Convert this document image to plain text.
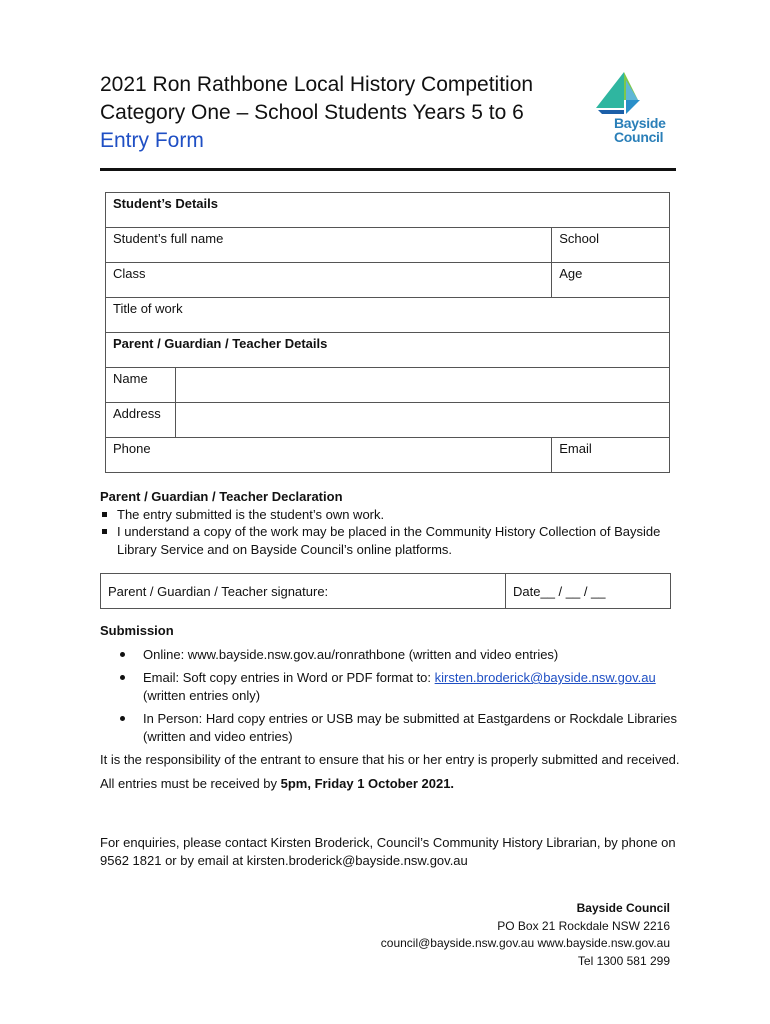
2021 Ron Rathbone Local History Competition
Category One – School Students Years 5 to 6
Entry Form
Bayside
Council
Student’s Details		
Student’s full name		School
Class		Age
Title of work		
Parent / Guardian / Teacher Details		
Name		
Address		
Phone		Email
Parent / Guardian / Teacher Declaration
The entry submitted is the student’s own work.
I understand a copy of the work may be placed in the Community History Collection of Bayside Library Service and on Bayside Council’s online platforms.
Parent / Guardian / Teacher signature:	Date__ / __ / __
Submission
Online: www.bayside.nsw.gov.au/ronrathbone (written and video entries)
Email: Soft copy entries in Word or PDF format to: kirsten.broderick@bayside.nsw.gov.au
(written entries only)
In Person: Hard copy entries or USB may be submitted at Eastgardens or Rockdale Libraries (written and video entries)

It is the responsibility of the entrant to ensure that his or her entry is properly submitted and received.

All entries must be received by 5pm, Friday 1 October 2021.

For enquiries, please contact Kirsten Broderick, Council’s Community History Librarian, by phone on 9562 1821 or by email at kirsten.broderick@bayside.nsw.gov.au
Bayside Council
PO Box 21 Rockdale NSW 2216
council@bayside.nsw.gov.au www.bayside.nsw.gov.au
Tel 1300 581 299
